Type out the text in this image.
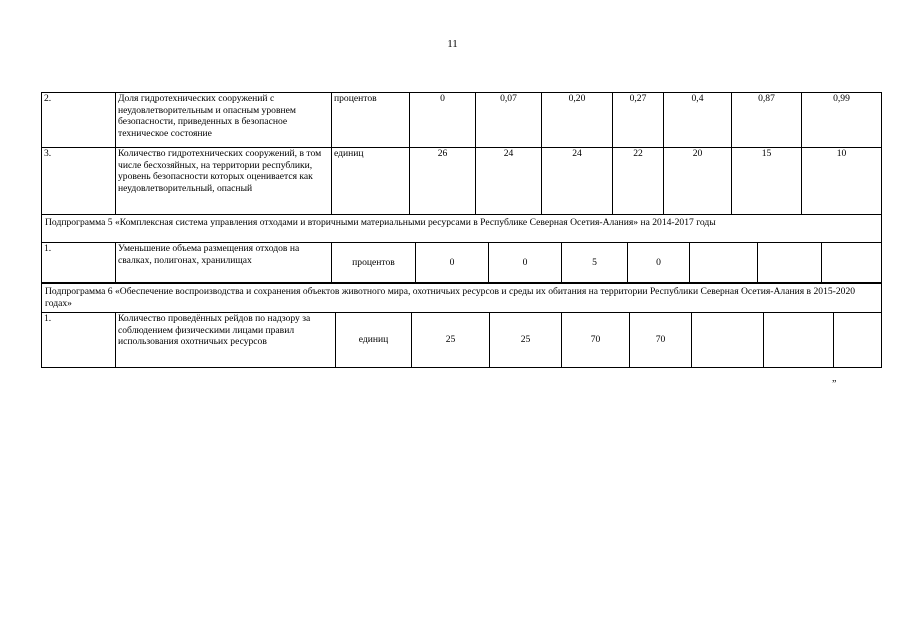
11
2.	Доля гидротехнических сооружений с неудовлетворительным и опасным уровнем безопасности, приведенных в безопасное техническое состояние	процентов	0	0,07	0,20	0,27	0,4	0,87	0,99
3.	Количество гидротехнических сооружений, в том числе бесхозяйных, на территории республики, уровень безопасности которых оценивается как неудовлетворительный, опасный	единиц	26	24	24	22	20	15	10
Подпрограмма 5 «Комплексная система управления отходами и вторичными материальными ресурсами в Республике Северная Осетия-Алания» на 2014-2017 годы
1.	Уменьшение объема размещения отходов на свалках, полигонах, хранилищах	процентов	0	0	5	0			
Подпрограмма 6 «Обеспечение воспроизводства и сохранения объектов животного мира, охотничьих ресурсов и среды их обитания на территории Республики Северная Осетия-Алания в 2015-2020 годах»
1.	Количество проведённых рейдов по надзору за соблюдением физическими лицами правил использования охотничьих ресурсов	единиц	25	25	70	70			
”
